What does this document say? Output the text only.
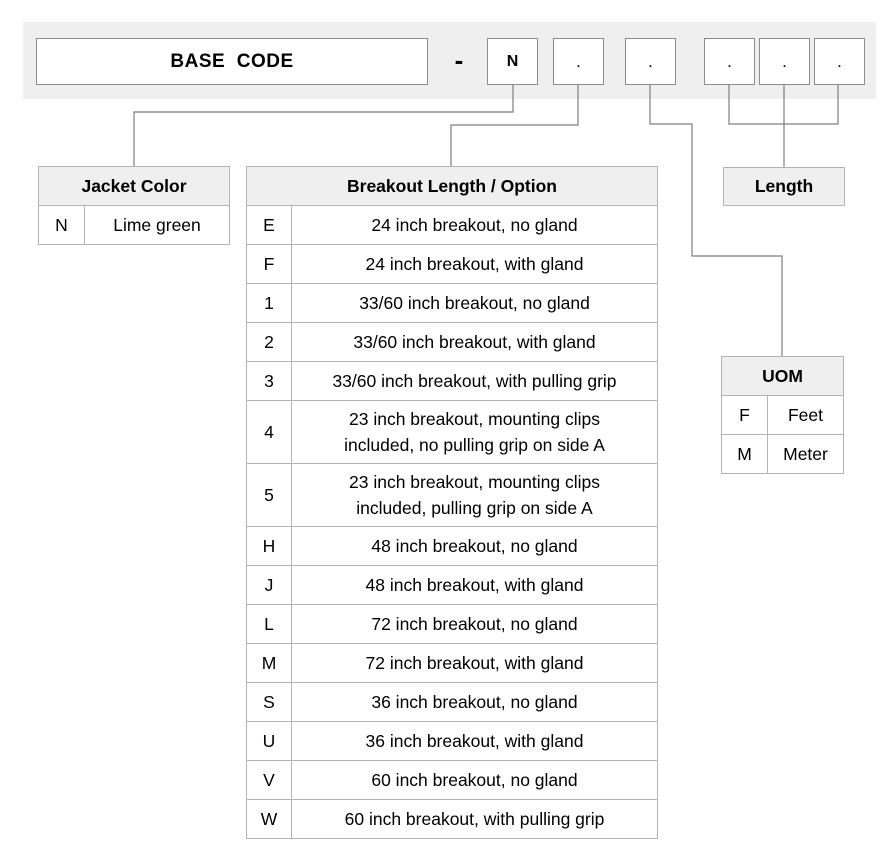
BASE  CODE	-	N	.	.	.	.	.
Jacket Color
N	Lime green
Breakout Length / Option	
E	24 inch breakout, no gland
F	24 inch breakout, with gland
1	33/60 inch breakout, no gland
2	33/60 inch breakout, with gland
3	33/60 inch breakout, with pulling grip
4	23 inch breakout, mounting clips included, no pulling grip on side A
5	23 inch breakout, mounting clips included, pulling grip on side A
H	48 inch breakout, no gland
J	48 inch breakout, with gland
L	72 inch breakout, no gland
M	72 inch breakout, with gland
S	36 inch breakout, no gland
U	36 inch breakout, with gland
V	60 inch breakout, no gland
W	60 inch breakout, with pulling grip
Length
UOM	
F	Feet
M	Meter
